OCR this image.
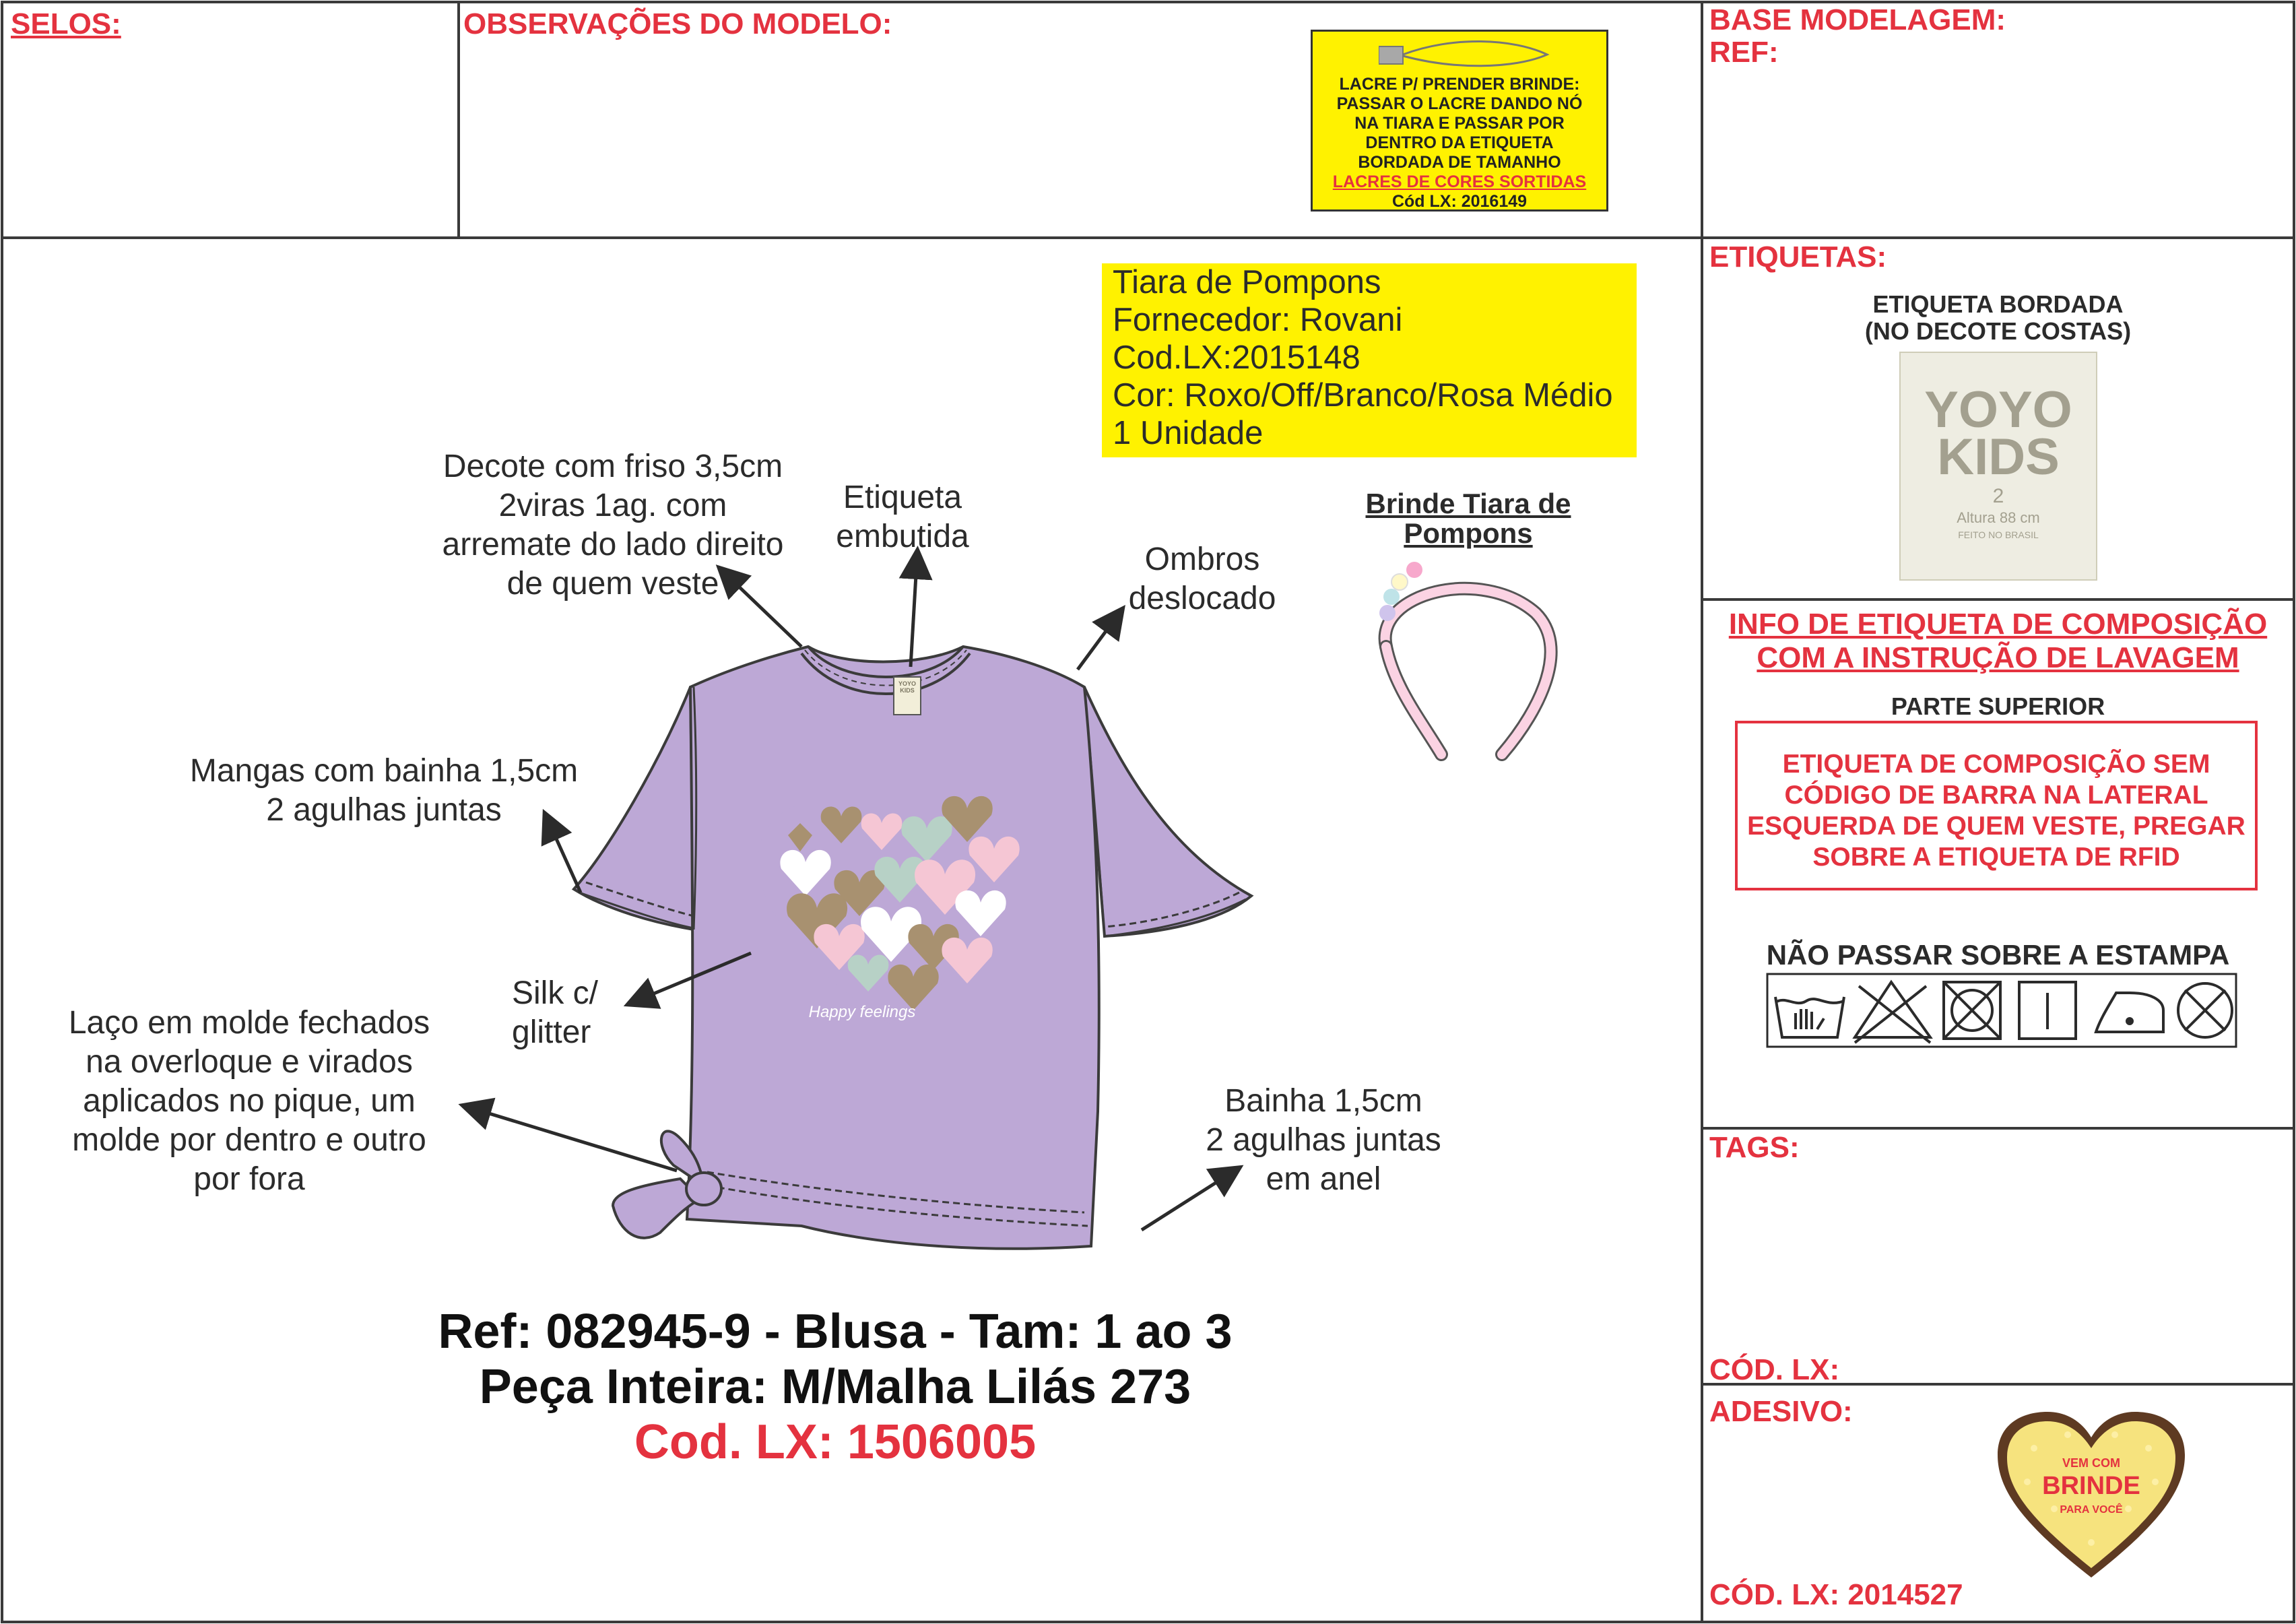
SELOS:	OBSERVAÇÕES DO MODELO:	BASE MODELAGEM:
REF:
LACRE P/ PRENDER BRINDE:
PASSAR O LACRE DANDO NÓ
NA TIARA E PASSAR POR
DENTRO DA ETIQUETA
BORDADA DE TAMANHO
LACRES DE CORES SORTIDAS
Cód LX: 2016149
Tiara de Pompons
Fornecedor: Rovani
Cod.LX:2015148
Cor: Roxo/Off/Branco/Rosa Médio
1 Unidade
Brinde Tiara de
Pompons
Happy feelings
YOYO
KIDS
Decote com friso 3,5cm
2viras 1ag. com
arremate do lado direito
de quem veste
Etiqueta
embutida
Ombros
deslocado
Mangas com bainha 1,5cm
2 agulhas juntas
Silk c/
glitter
Laço em molde fechados
na overloque e virados
aplicados no pique, um
molde por dentro e outro
por fora
Bainha 1,5cm
2 agulhas juntas
em anel
Ref: 082945-9 - Blusa - Tam: 1 ao 3
Peça Inteira: M/Malha Lilás 273
Cod. LX: 1506005
ETIQUETAS:
ETIQUETA BORDADA
(NO DECOTE COSTAS)
YOYO
KIDS
2
Altura 88 cm
FEITO NO BRASIL
INFO DE ETIQUETA DE COMPOSIÇÃO
COM A INSTRUÇÃO DE LAVAGEM
PARTE SUPERIOR
ETIQUETA DE COMPOSIÇÃO SEM
CÓDIGO DE BARRA NA LATERAL
ESQUERDA DE QUEM VESTE, PREGAR
SOBRE A ETIQUETA DE RFID
NÃO PASSAR SOBRE A ESTAMPA
TAGS:
CÓD. LX:
ADESIVO:
VEM COM
BRINDE
PARA VOCÊ
CÓD. LX: 2014527
